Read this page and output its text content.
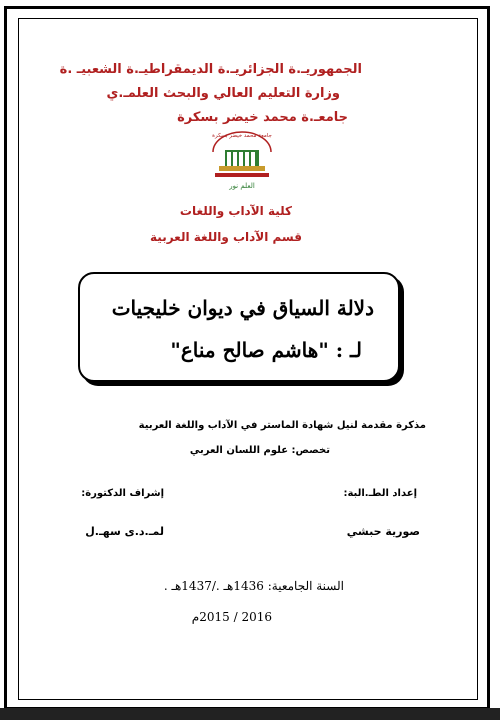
الجمهوريـ.ة الجزائريـ.ة الديمقراطيـ.ة الشعبيـ .ة
وزارة التعليم العالي والبحث العلمـ.ي
جامعـ.ة محمد خيضر بسكرة
جامعة محمد خيضر بسكرة
العلم نور
كلية الآداب واللغات
قسم الآداب واللغة العربية
دلالة السياق في ديوان خليجيات
لـ : "هاشم صالح مناع"
مذكرة مقدمة لنيل شهادة الماستر في الآداب واللغة العربية
تخصص: علوم اللسان العربي
إعداد الطـ.البة:
إشراف الدكتورة:
صورية حبشي
لمـ.د.ى سهـ.ل
السنة الجامعية: 1436هـ ./1437هـ .
2016 / 2015م
